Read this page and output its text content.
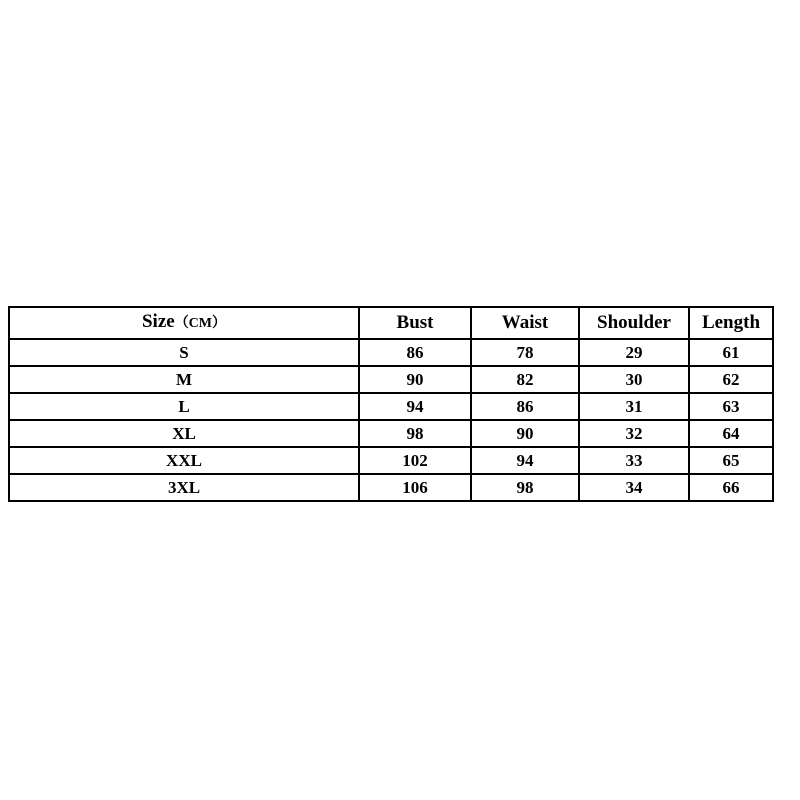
Size（CM）	Bust	Waist	Shoulder	Length
S	86	78	29	61
M	90	82	30	62
L	94	86	31	63
XL	98	90	32	64
XXL	102	94	33	65
3XL	106	98	34	66
